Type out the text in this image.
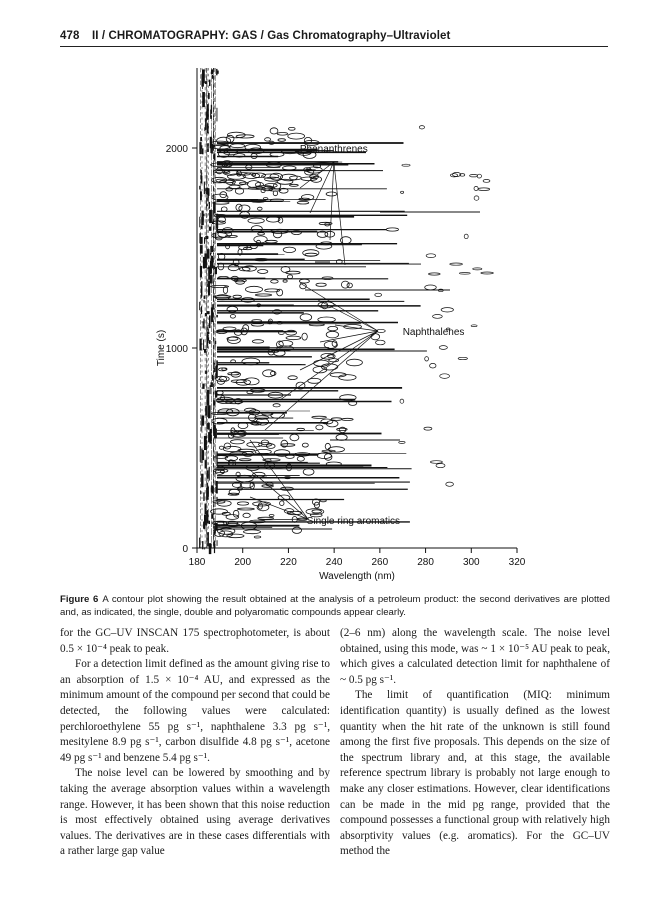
478 II / CHROMATOGRAPHY: GAS / Gas Chromatography–Ultraviolet
180	200	220	240	260	280	300	320
0
1000
2000
Wavelength (nm)
Time (s)
Phenanthrenes
Naphthalenes
Single ring aromatics
Figure 6 A contour plot showing the result obtained at the analysis of a petroleum product: the second derivatives are plotted and, as indicated, the single, double and polyaromatic compounds appear clearly.

for the GC–UV INSCAN 175 spectrophotometer, is about 0.5 × 10⁻⁴ peak to peak.

For a detection limit defined as the amount giving rise to an absorption of 1.5 × 10⁻⁴ AU, and expressed as the minimum amount of the compound per second that could be detected, the following values were calculated: perchloroethylene 55 pg s⁻¹, naphthalene 3.3 pg s⁻¹, mesitylene 8.9 pg s⁻¹, carbon disulfide 4.8 pg s⁻¹, acetone 49 pg s⁻¹ and benzene 5.4 pg s⁻¹.

The noise level can be lowered by smoothing and by taking the average absorption values within a wavelength range. However, it has been shown that this noise reduction is most effectively obtained using average derivatives values. The derivatives are in these cases differentials with a rather large gap value

(2–6 nm) along the wavelength scale. The noise level obtained, using this mode, was ~ 1 × 10⁻⁵ AU peak to peak, which gives a calculated detection limit for naphthalene of ~ 0.5 pg s⁻¹.

The limit of quantification (MIQ: minimum identification quantity) is usually defined as the lowest quantity when the hit rate of the unknown is still found among the first five proposals. This depends on the size of the spectrum library and, at this stage, the available reference spectrum library is probably not large enough to make any closer estimations. However, clear identifications can be made in the mid pg range, provided that the compound possesses a functional group with relatively high absorptivity values (e.g. aromatics). For the GC–UV method the
